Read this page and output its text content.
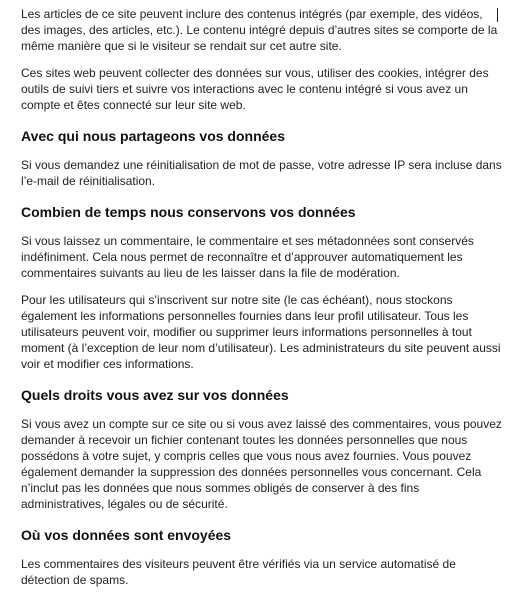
Les articles de ce site peuvent inclure des contenus intégrés (par exemple, des vidéos, des images, des articles, etc.). Le contenu intégré depuis d’autres sites se comporte de la même manière que si le visiteur se rendait sur cet autre site.

Ces sites web peuvent collecter des données sur vous, utiliser des cookies, intégrer des outils de suivi tiers et suivre vos interactions avec le contenu intégré si vous avez un compte et êtes connecté sur leur site web.

Avec qui nous partageons vos données

Si vous demandez une réinitialisation de mot de passe, votre adresse IP sera incluse dans l’e-mail de réinitialisation.

Combien de temps nous conservons vos données

Si vous laissez un commentaire, le commentaire et ses métadonnées sont conservés indéfiniment. Cela nous permet de reconnaître et d’approuver automatiquement les commentaires suivants au lieu de les laisser dans la file de modération.

Pour les utilisateurs qui s’inscrivent sur notre site (le cas échéant), nous stockons également les informations personnelles fournies dans leur profil utilisateur. Tous les utilisateurs peuvent voir, modifier ou supprimer leurs informations personnelles à tout moment (à l’exception de leur nom d’utilisateur). Les administrateurs du site peuvent aussi voir et modifier ces informations.

Quels droits vous avez sur vos données

Si vous avez un compte sur ce site ou si vous avez laissé des commentaires, vous pouvez demander à recevoir un fichier contenant toutes les données personnelles que nous possédons à votre sujet, y compris celles que vous nous avez fournies. Vous pouvez également demander la suppression des données personnelles vous concernant. Cela n’inclut pas les données que nous sommes obligés de conserver à des fins administratives, légales ou de sécurité.

Où vos données sont envoyées

Les commentaires des visiteurs peuvent être vérifiés via un service automatisé de détection de spams.
